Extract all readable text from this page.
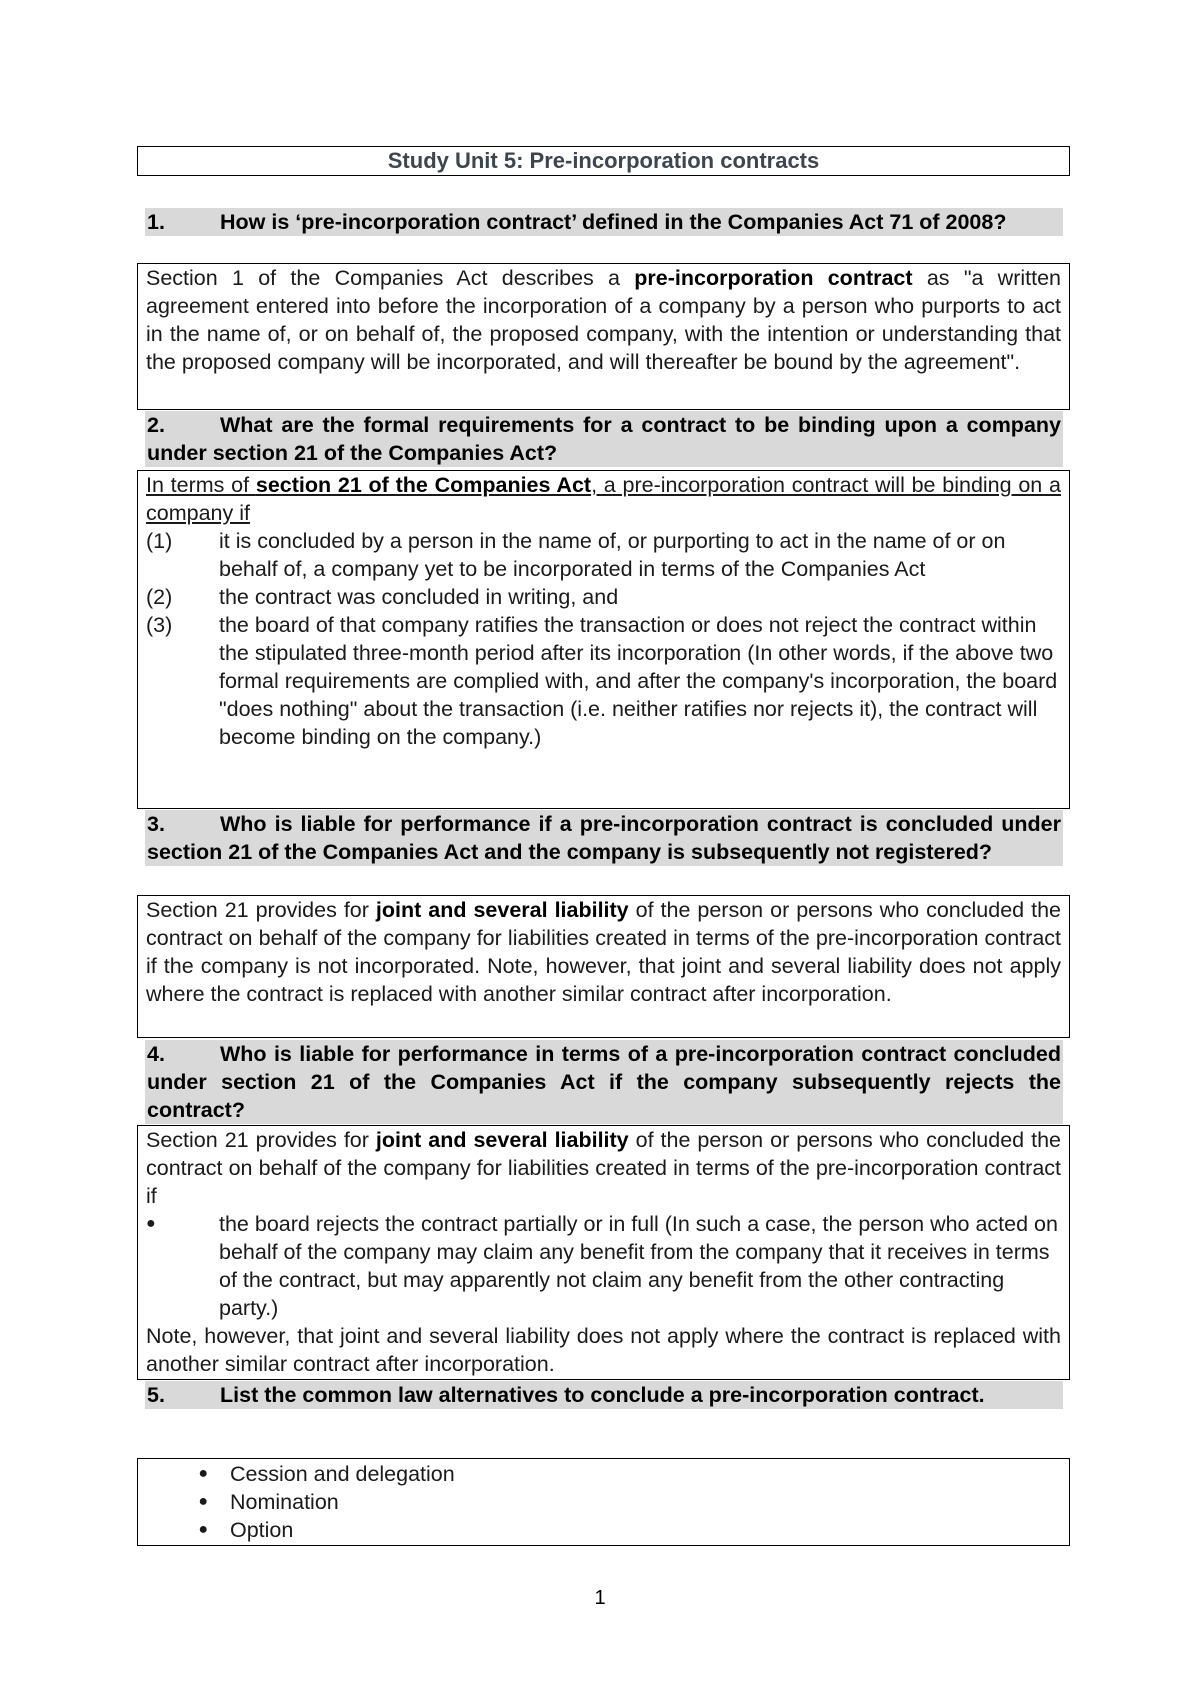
Study Unit 5: Pre-incorporation contracts
1.	How is ‘pre-incorporation contract’ defined in the Companies Act 71 of 2008?
Section 1 of the Companies Act describes a pre-incorporation contract as "a written agreement entered into before the incorporation of a company by a person who purports to act in the name of, or on behalf of, the proposed company, with the intention or understanding that the proposed company will be incorporated, and will thereafter be bound by the agreement".
2.	What are the formal requirements for a contract to be binding upon a company under section 21 of the Companies Act?
In terms of section 21 of the Companies Act, a pre-incorporation contract will be binding on a company if
(1)	it is concluded by a person in the name of, or purporting to act in the name of or on behalf of, a company yet to be incorporated in terms of the Companies Act
(2)	the contract was concluded in writing, and
(3)	the board of that company ratifies the transaction or does not reject the contract within the stipulated three-month period after its incorporation (In other words, if the above two formal requirements are complied with, and after the company's incorporation, the board "does nothing" about the transaction (i.e. neither ratifies nor rejects it), the contract will become binding on the company.)
3.	Who is liable for performance if a pre-incorporation contract is concluded under section 21 of the Companies Act and the company is subsequently not registered?
Section 21 provides for joint and several liability of the person or persons who concluded the contract on behalf of the company for liabilities created in terms of the pre-incorporation contract if the company is not incorporated. Note, however, that joint and several liability does not apply where the contract is replaced with another similar contract after incorporation.
4.	Who is liable for performance in terms of a pre-incorporation contract concluded under section 21 of the Companies Act if the company subsequently rejects the contract?
Section 21 provides for joint and several liability of the person or persons who concluded the contract on behalf of the company for liabilities created in terms of the pre-incorporation contract if
●	the board rejects the contract partially or in full (In such a case, the person who acted on behalf of the company may claim any benefit from the company that it receives in terms of the contract, but may apparently not claim any benefit from the other contracting party.)
Note, however, that joint and several liability does not apply where the contract is replaced with another similar contract after incorporation.
5.	List the common law alternatives to conclude a pre-incorporation contract.
●	Cession and delegation
●	Nomination
●	Option
1
